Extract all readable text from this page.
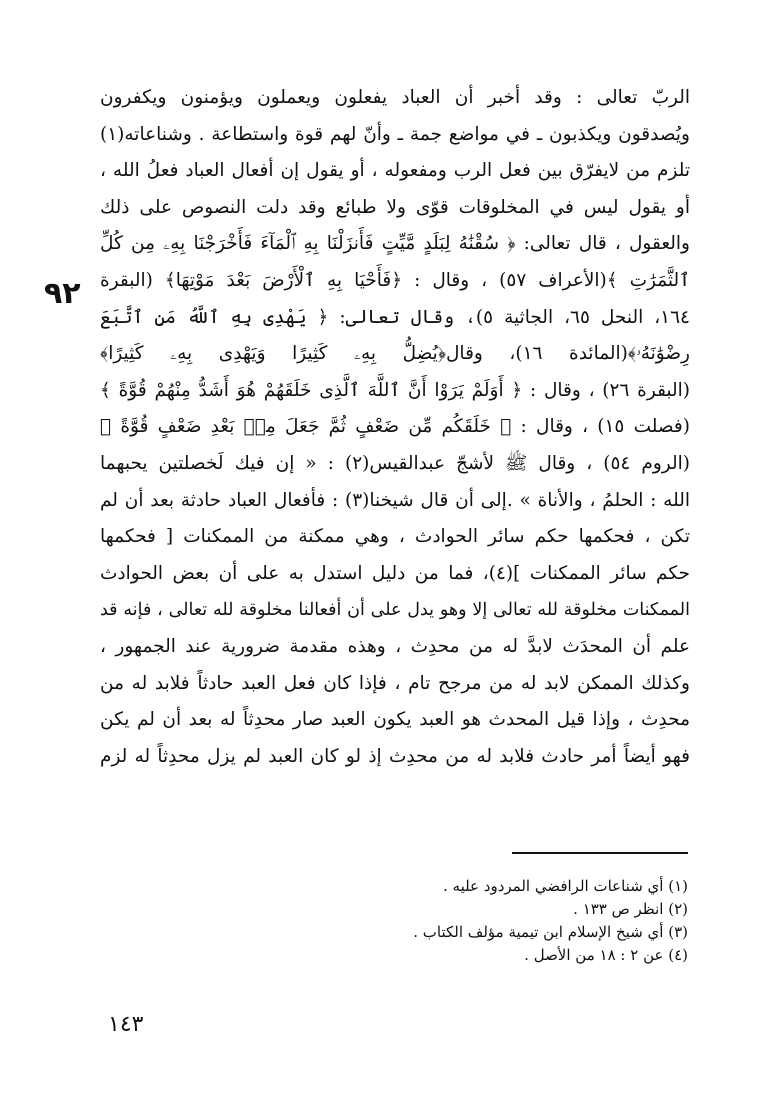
٩٢
الربّ تعالى : وقد أخبر أن العباد يفعلون ويعملون ويؤمنون ويكفرون
ويُصدقون ويكذبون ـ في مواضع جمة ـ وأنّ لهم قوة واستطاعة . وشناعاته(١)
تلزم من لايفرّق بين فعل الرب ومفعوله ، أو يقول إن أفعال العباد فعلُ الله ،
أو يقول ليس في المخلوقات قوّى ولا طبائع وقد دلت النصوص على ذلك
والعقول ، قال تعالى: ﴿ سُقْنَٰهُ لِبَلَدٍ مَّيِّتٍ فَأَنزَلْنَا بِهِ ٱلْمَآءَ فَأَخْرَجْنَا بِهِۦ مِن كُلِّ
ٱلثَّمَرَٰتِ ﴾(الأعراف ٥٧) ، وقال : ﴿فَأَحْيَا بِهِ ٱلْأَرْضَ بَعْدَ مَوْتِهَا﴾ (البقرة
١٦٤، النحل ٦٥، الجاثية ٥)، وقال تعالى: ﴿ يَهْدِى بِهِ ٱللَّهُ مَنِ ٱتَّبَعَ
رِضْوَٰنَهُۥ﴾(المائدة ١٦)، وقال﴿يُضِلُّ بِهِۦ كَثِيرًا وَيَهْدِى بِهِۦ كَثِيرًا﴾
(البقرة ٢٦) ، وقال : ﴿ أَوَلَمْ يَرَوْا أَنَّ ٱللَّهَ ٱلَّذِى خَلَقَهُمْ هُوَ أَشَدُّ مِنْهُمْ قُوَّةً ﴾
(فصلت ١٥) ، وقال : ﴿ خَلَقَكُم مِّن ضَعْفٍ ثُمَّ جَعَلَ مِنۢ بَعْدِ ضَعْفٍ قُوَّةً ﴾
(الروم ٥٤) ، وقال ﷺ لأشجّ عبدالقيس(٢) : « إن فيك لَخصلتين يحبهما
الله : الحلمُ ، والأناة » .إلى أن قال شيخنا(٣) : فأفعال العباد حادثة بعد أن لم
تكن ، فحكمها حكم سائر الحوادث ، وهي ممكنة من الممكنات [ فحكمها
حكم سائر الممكنات ](٤)، فما من دليل استدل به على أن بعض الحوادث
الممكنات مخلوقة لله تعالى إلا وهو يدل على أن أفعالنا مخلوقة لله تعالى ، فإنه قد
علم أن المحدَث لابدَّ له من محدِث ، وهذه مقدمة ضرورية عند الجمهور ،
وكذلك الممكن لابد له من مرجح تام ، فإذا كان فعل العبد حادثاً فلابد له من
محدِث ، وإذا قيل المحدث هو العبد يكون العبد صار محدِثاً له بعد أن لم يكن
فهو أيضاً أمر حادث فلابد له من محدِث إذ لو كان العبد لم يزل محدِثاً له لزم
(١) أي شناعات الرافضي المردود عليه .
(٢) انظر ص ١٣٣ .
(٣) أي شيخ الإسلام ابن تيمية مؤلف الكتاب .
(٤) عن ٢ : ١٨ من الأصل .
١٤٣
